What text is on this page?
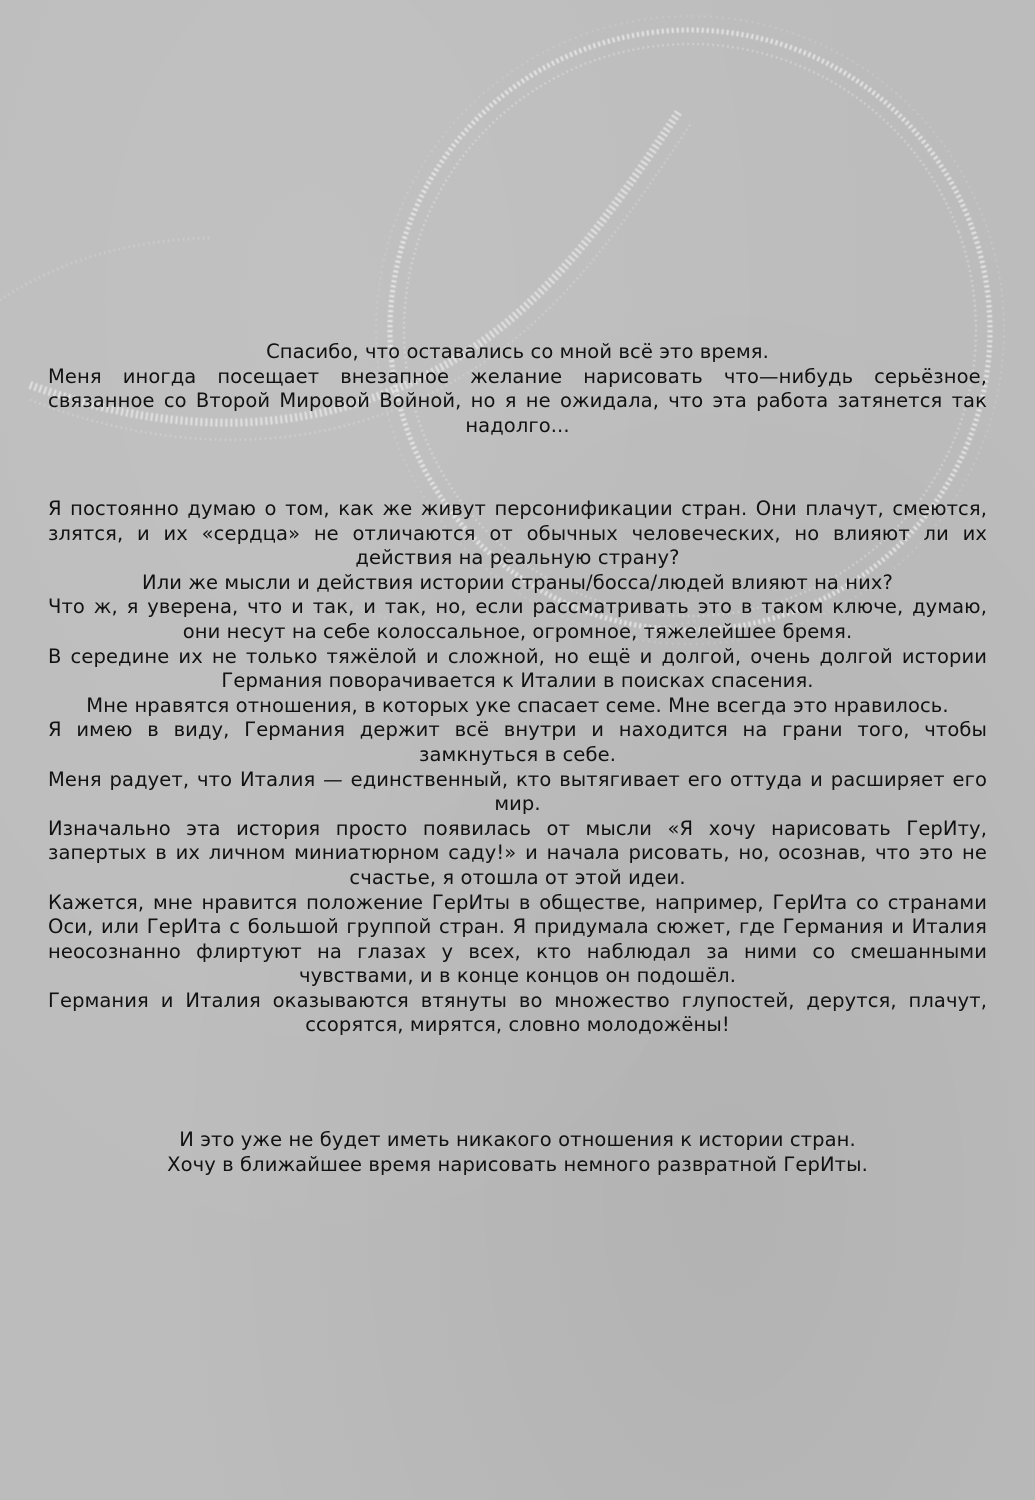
Спасибо, что оставались со мной всё это время.

Меня иногда посещает внезапное желание нарисовать что—нибудь серьёзное, связанное со Второй Мировой Войной, но я не ожидала, что эта работа затянется так надолго...

Я постоянно думаю о том, как же живут персонификации стран. Они плачут, смеются, злятся, и их «сердца» не отличаются от обычных человеческих, но влияют ли их действия на реальную страну?

Или же мысли и действия истории страны/босса/людей влияют на них?

Что ж, я уверена, что и так, и так, но, если рассматривать это в таком ключе, думаю, они несут на себе колоссальное, огромное, тяжелейшее бремя.

В середине их не только тяжёлой и сложной, но ещё и долгой, очень долгой истории Германия поворачивается к Италии в поисках спасения.

Мне нравятся отношения, в которых уке спасает семе. Мне всегда это нравилось.

Я имею в виду, Германия держит всё внутри и находится на грани того, чтобы замкнуться в себе.

Меня радует, что Италия — единственный, кто вытягивает его оттуда и расширяет его мир.

Изначально эта история просто появилась от мысли «Я хочу нарисовать ГерИту, запертых в их личном миниатюрном саду!» и начала рисовать, но, осознав, что это не счастье, я отошла от этой идеи.

Кажется, мне нравится положение ГерИты в обществе, например, ГерИта со странами Оси, или ГерИта с большой группой стран. Я придумала сюжет, где Германия и Италия неосознанно флиртуют на глазах у всех, кто наблюдал за ними со смешанными чувствами, и в конце концов он подошёл.

Германия и Италия оказываются втянуты во множество глупостей, дерутся, плачут, ссорятся, мирятся, словно молодожёны!

И это уже не будет иметь никакого отношения к истории стран.

Хочу в ближайшее время нарисовать немного развратной ГерИты.
